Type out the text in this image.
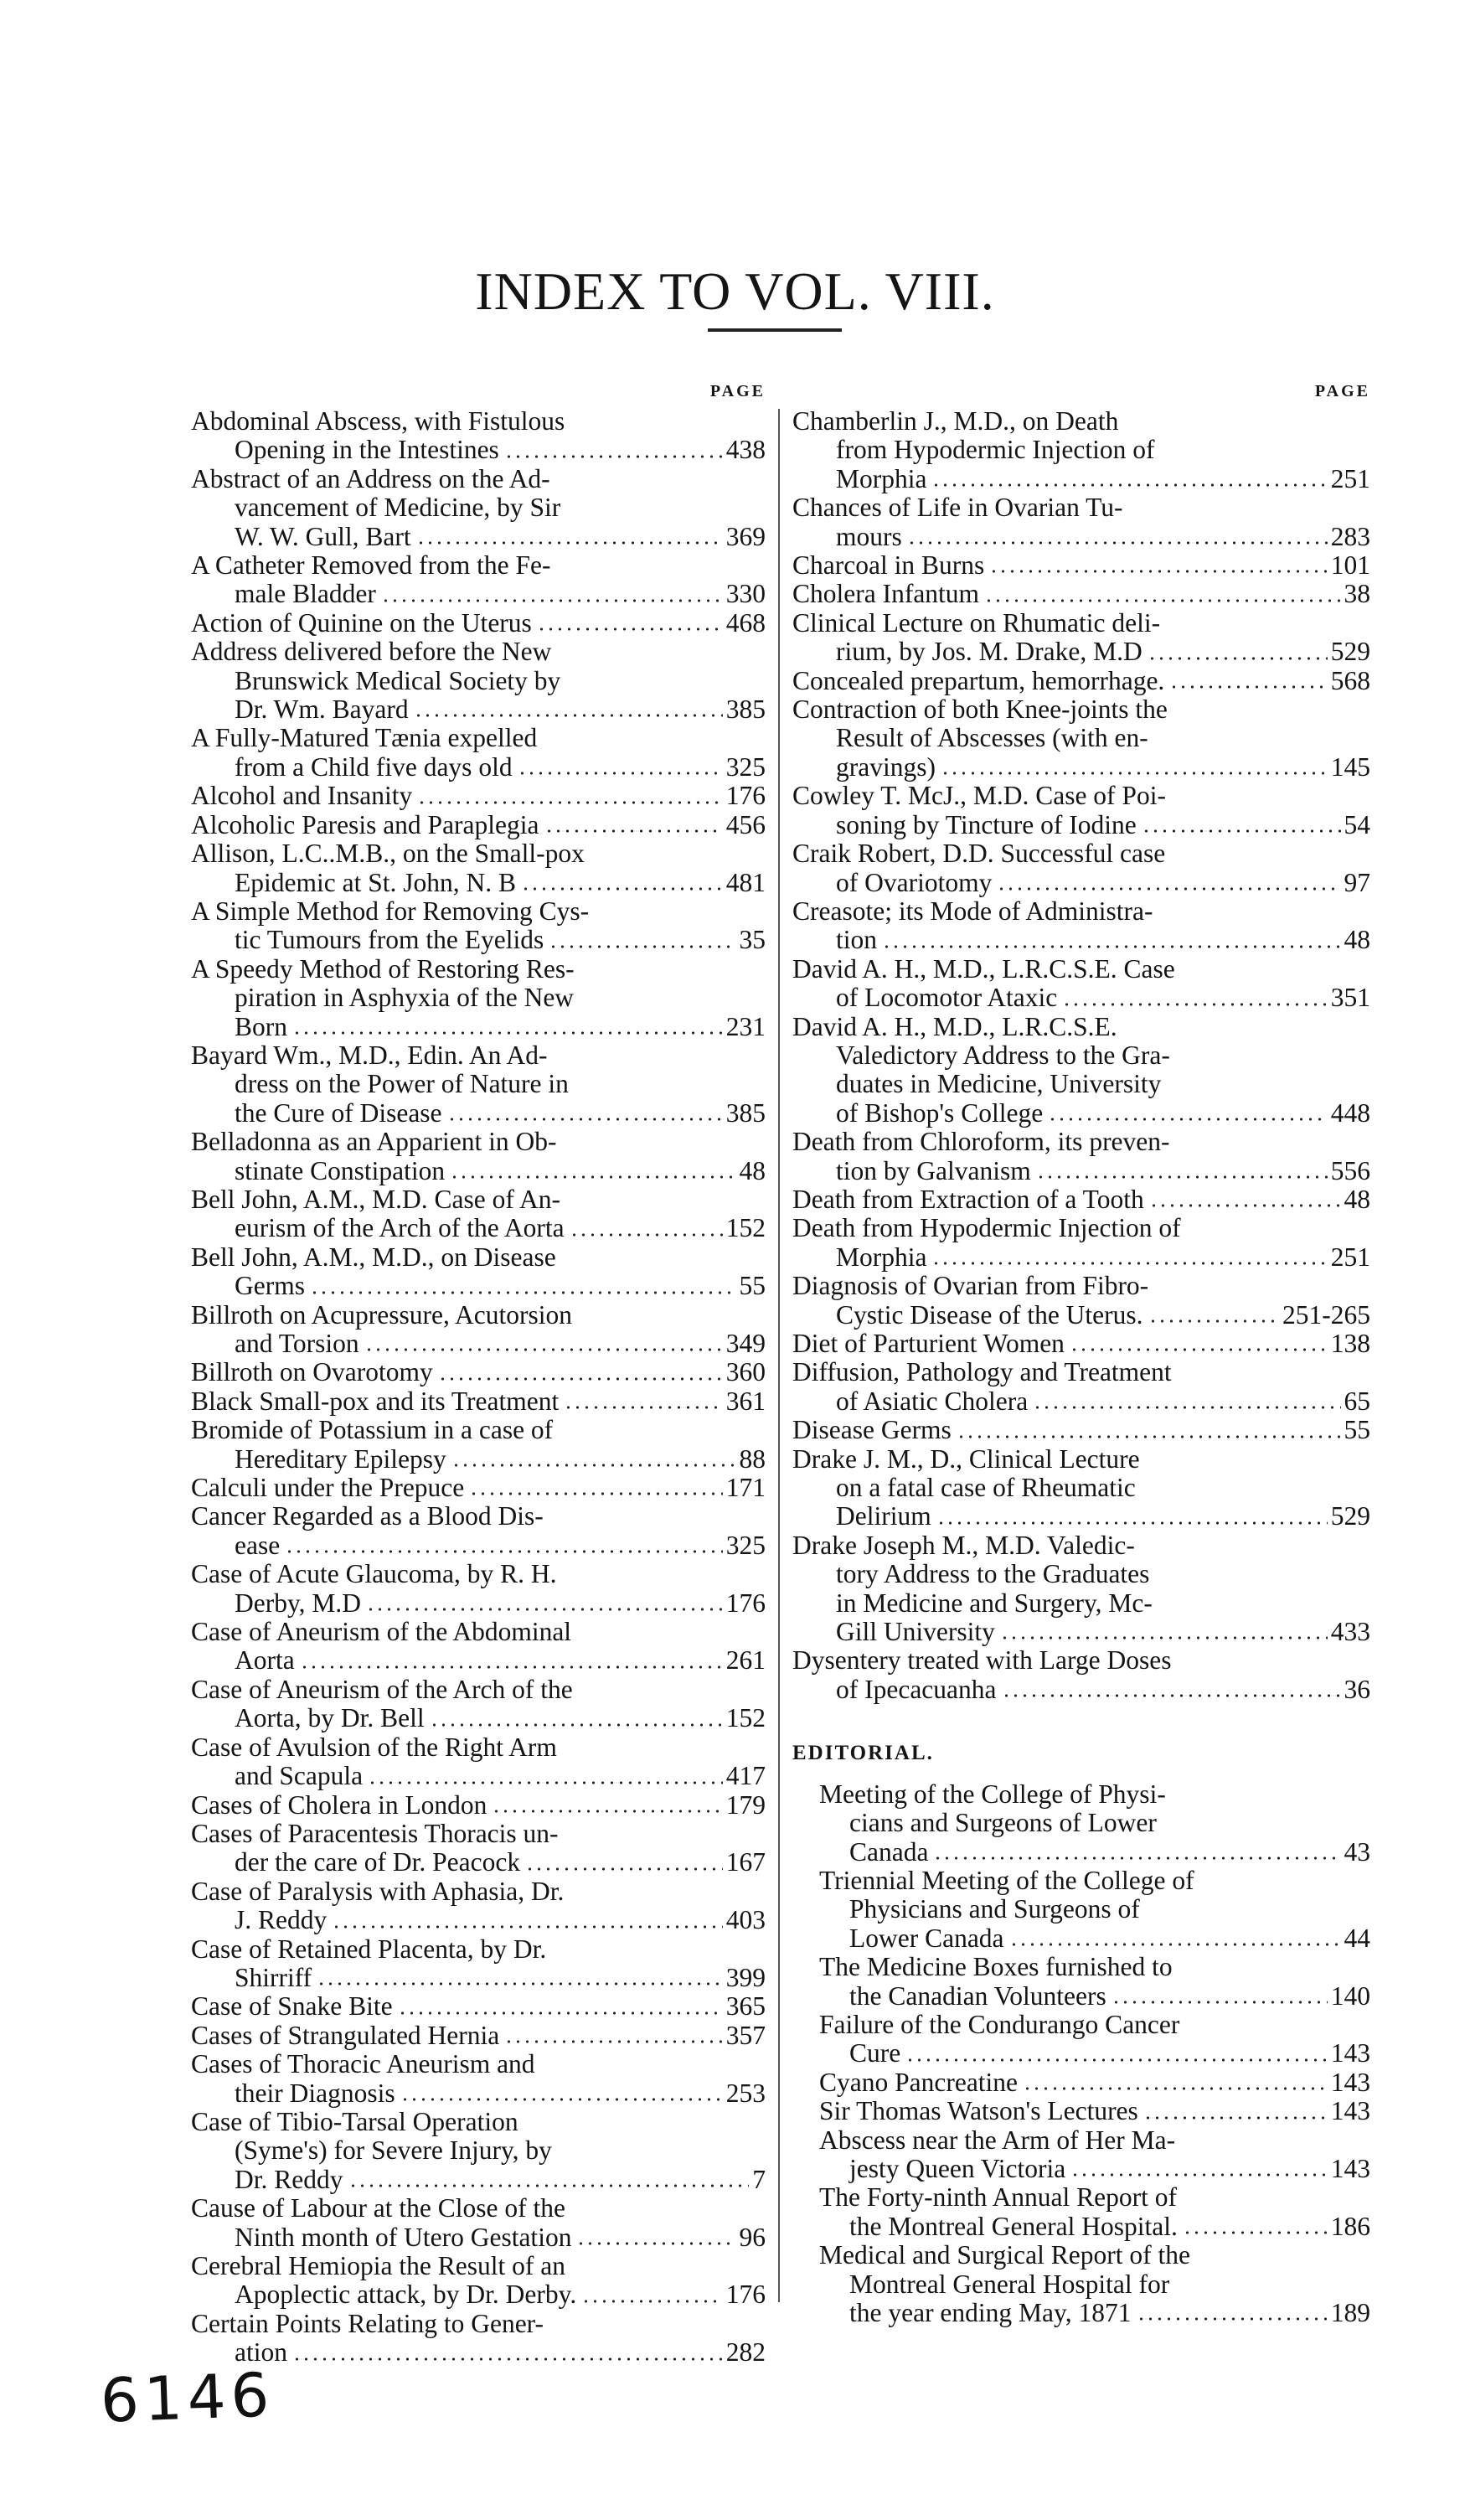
INDEX TO VOL. VIII.
PAGE
Abdominal Abscess, with Fistulous
Opening in the Intestines	438
Abstract of an Address on the Ad-
vancement of Medicine, by Sir
W. W. Gull, Bart	369
A Catheter Removed from the Fe-
male Bladder	330
Action of Quinine on the Uterus	468
Address delivered before the New
Brunswick Medical Society by
Dr. Wm. Bayard	385
A Fully-Matured Tænia expelled
from a Child five days old	325
Alcohol and Insanity	176
Alcoholic Paresis and Paraplegia	456
Allison, L.C..M.B., on the Small-pox
Epidemic at St. John, N. B	481
A Simple Method for Removing Cys-
tic Tumours from the Eyelids	35
A Speedy Method of Restoring Res-
piration in Asphyxia of the New
Born	231
Bayard Wm., M.D., Edin. An Ad-
dress on the Power of Nature in
the Cure of Disease	385
Belladonna as an Apparient in Ob-
stinate Constipation	48
Bell John, A.M., M.D. Case of An-
eurism of the Arch of the Aorta	152
Bell John, A.M., M.D., on Disease
Germs	55
Billroth on Acupressure, Acutorsion
and Torsion	349
Billroth on Ovarotomy	360
Black Small-pox and its Treatment	361
Bromide of Potassium in a case of
Hereditary Epilepsy	88
Calculi under the Prepuce	171
Cancer Regarded as a Blood Dis-
ease	325
Case of Acute Glaucoma, by R. H.
Derby, M.D	176
Case of Aneurism of the Abdominal
Aorta	261
Case of Aneurism of the Arch of the
Aorta, by Dr. Bell	152
Case of Avulsion of the Right Arm
and Scapula	417
Cases of Cholera in London	179
Cases of Paracentesis Thoracis un-
der the care of Dr. Peacock	167
Case of Paralysis with Aphasia, Dr.
J. Reddy	403
Case of Retained Placenta, by Dr.
Shirriff	399
Case of Snake Bite	365
Cases of Strangulated Hernia	357
Cases of Thoracic Aneurism and
their Diagnosis	253
Case of Tibio-Tarsal Operation
(Syme's) for Severe Injury, by
Dr. Reddy	7
Cause of Labour at the Close of the
Ninth month of Utero Gestation	96
Cerebral Hemiopia the Result of an
Apoplectic attack, by Dr. Derby.	176
Certain Points Relating to Gener-
ation	282
PAGE
Chamberlin J., M.D., on Death
from Hypodermic Injection of
Morphia	251
Chances of Life in Ovarian Tu-
mours	283
Charcoal in Burns	101
Cholera Infantum	38
Clinical Lecture on Rhumatic deli-
rium, by Jos. M. Drake, M.D	529
Concealed prepartum, hemorrhage.	568
Contraction of both Knee-joints the
Result of Abscesses (with en-
gravings)	145
Cowley T. McJ., M.D. Case of Poi-
soning by Tincture of Iodine	54
Craik Robert, D.D. Successful case
of Ovariotomy	97
Creasote; its Mode of Administra-
tion	48
David A. H., M.D., L.R.C.S.E. Case
of Locomotor Ataxic	351
David A. H., M.D., L.R.C.S.E.
Valedictory Address to the Gra-
duates in Medicine, University
of Bishop's College	448
Death from Chloroform, its preven-
tion by Galvanism	556
Death from Extraction of a Tooth	48
Death from Hypodermic Injection of
Morphia	251
Diagnosis of Ovarian from Fibro-
Cystic Disease of the Uterus.	251-265
Diet of Parturient Women	138
Diffusion, Pathology and Treatment
of Asiatic Cholera	65
Disease Germs	55
Drake J. M., D., Clinical Lecture
on a fatal case of Rheumatic
Delirium	529
Drake Joseph M., M.D. Valedic-
tory Address to the Graduates
in Medicine and Surgery, Mc-
Gill University	433
Dysentery treated with Large Doses
of Ipecacuanha	36
EDITORIAL.
Meeting of the College of Physi-
cians and Surgeons of Lower
Canada	43
Triennial Meeting of the College of
Physicians and Surgeons of
Lower Canada	44
The Medicine Boxes furnished to
the Canadian Volunteers	140
Failure of the Condurango Cancer
Cure	143
Cyano Pancreatine	143
Sir Thomas Watson's Lectures	143
Abscess near the Arm of Her Ma-
jesty Queen Victoria	143
The Forty-ninth Annual Report of
the Montreal General Hospital.	186
Medical and Surgical Report of the
Montreal General Hospital for
the year ending May, 1871	189
6146
